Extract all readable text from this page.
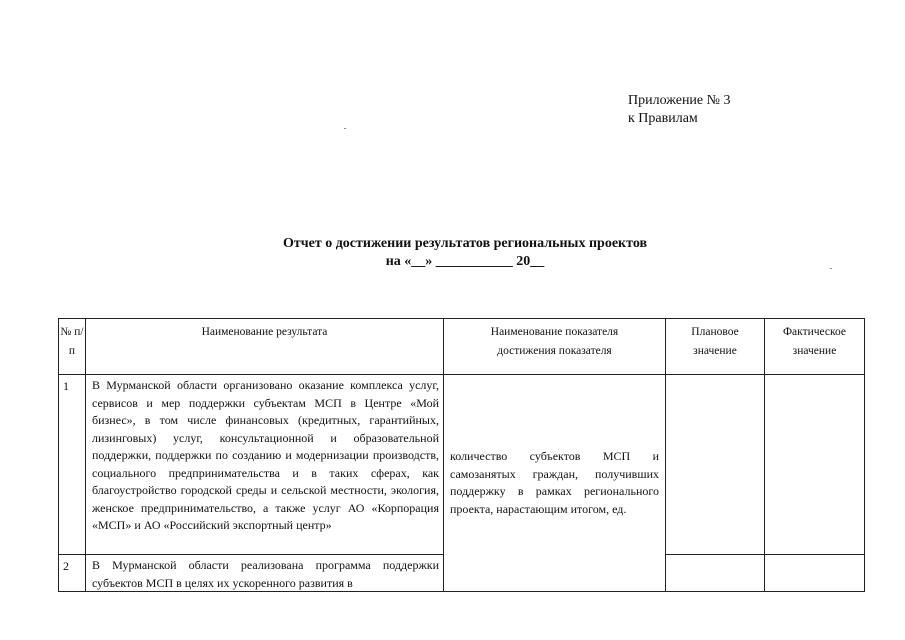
Приложение № 3
к Правилам
Отчет о достижении результатов региональных проектов
на «__» ___________ 20__
№ п/п	Наименование результата	Наименование показателя достижения показателя	Плановое значение	Фактическое значение
1	В Мурманской области организовано оказание комплекса услуг, сервисов и мер поддержки субъектам МСП в Центре «Мой бизнес», в том числе финансовых (кредитных, гарантийных, лизинговых) услуг, консультационной и образовательной поддержки, поддержки по созданию и модернизации производств, социального предпринимательства и в таких сферах, как благоустройство городской среды и сельской местности, экология, женское предпринимательство, а также услуг АО «Корпорация «МСП» и АО «Российский экспортный центр»	количество субъектов МСП и самозанятых граждан, получивших поддержку в рамках регионального проекта, нарастающим итогом, ед.		
2	В Мурманской области реализована программа поддержки субъектов МСП в целях их ускоренного развития в			
